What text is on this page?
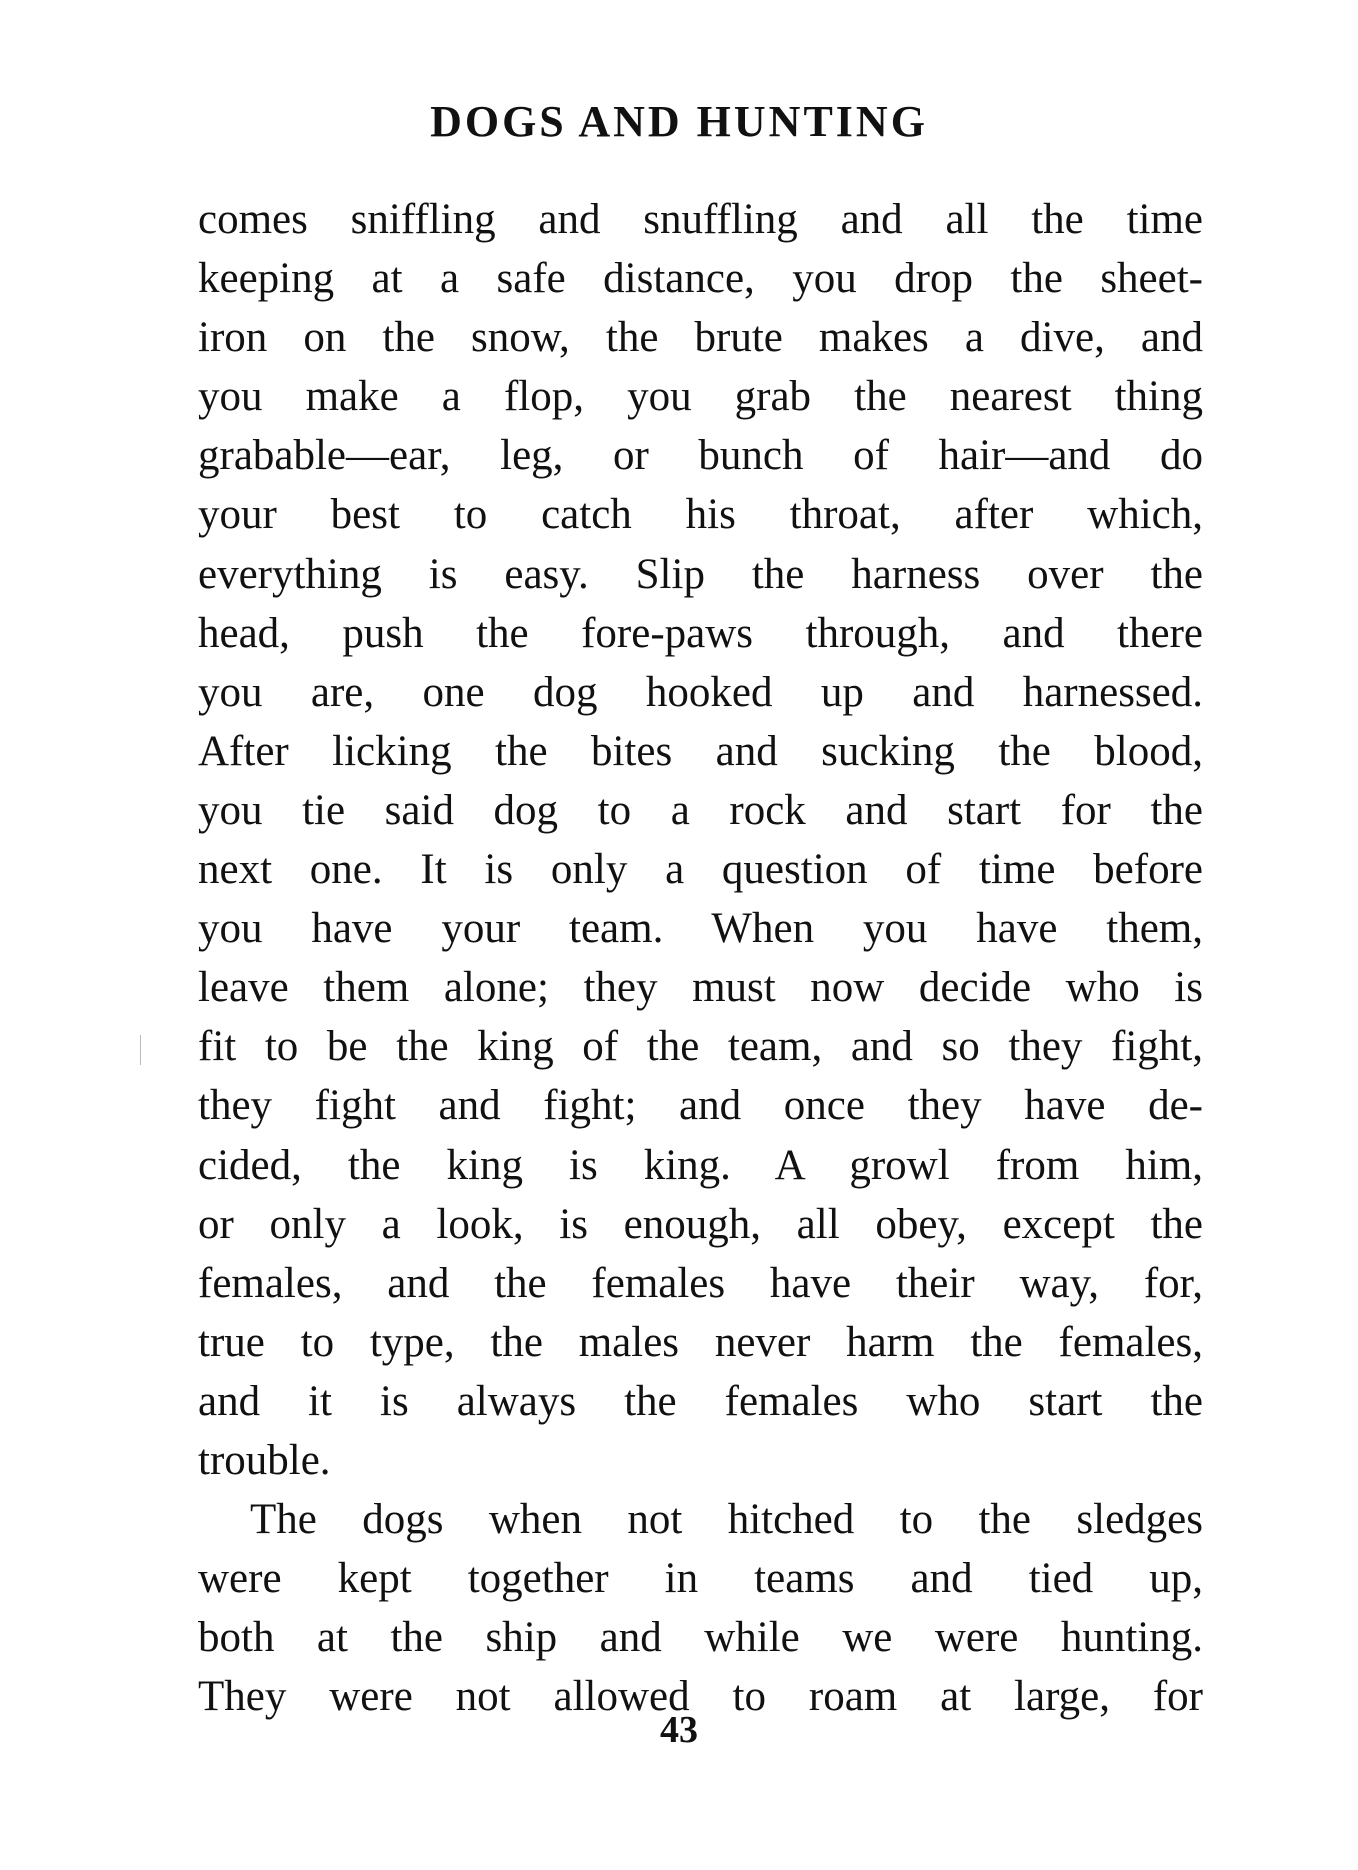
DOGS AND HUNTING
comes sniffling and snuffling and all the time
keeping at a safe distance, you drop the sheet-
iron on the snow, the brute makes a dive, and
you make a flop, you grab the nearest thing
grabable—ear, leg, or bunch of hair—and do
your best to catch his throat, after which,
everything is easy. Slip the harness over the
head, push the fore-paws through, and there
you are, one dog hooked up and harnessed.
After licking the bites and sucking the blood,
you tie said dog to a rock and start for the
next one. It is only a question of time before
you have your team. When you have them,
leave them alone; they must now decide who is
fit to be the king of the team, and so they fight,
they fight and fight; and once they have de-
cided, the king is king. A growl from him,
or only a look, is enough, all obey, except the
females, and the females have their way, for,
true to type, the males never harm the females,
and it is always the females who start the
trouble.
The dogs when not hitched to the sledges
were kept together in teams and tied up,
both at the ship and while we were hunting.
They were not allowed to roam at large, for
43
